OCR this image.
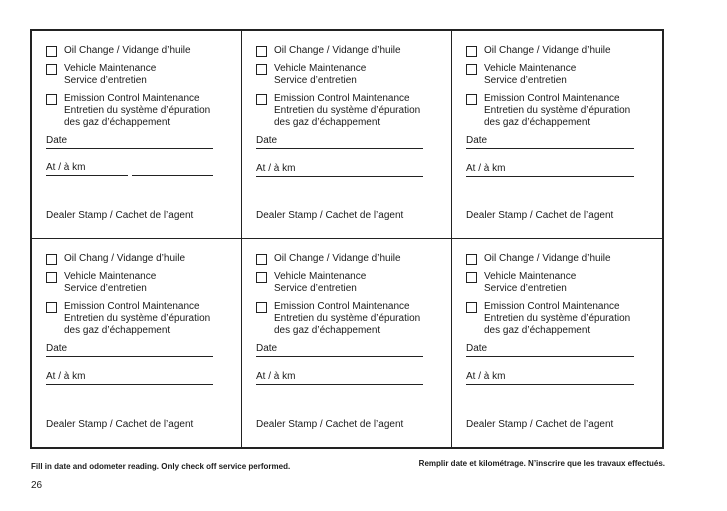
Oil Change / Vidange d’huile
Vehicle Maintenance
Service d’entretien
Emission Control Maintenance
Entretien du système d’épuration
des gaz d’échappement
Date
At / à km
Dealer Stamp / Cachet de l’agent
Oil Change / Vidange d’huile
Vehicle Maintenance
Service d’entretien
Emission Control Maintenance
Entretien du système d’épuration
des gaz d’échappement
Date
At / à km
Dealer Stamp / Cachet de l’agent
Oil Change / Vidange d’huile
Vehicle Maintenance
Service d’entretien
Emission Control Maintenance
Entretien du système d’épuration
des gaz d’échappement
Date
At / à km
Dealer Stamp / Cachet de l’agent
Oil Chang / Vidange d’huile
Vehicle Maintenance
Service d’entretien
Emission Control Maintenance
Entretien du système d’épuration
des gaz d’échappement
Date
At / à km
Dealer Stamp / Cachet de l’agent
Oil Change / Vidange d’huile
Vehicle Maintenance
Service d’entretien
Emission Control Maintenance
Entretien du système d’épuration
des gaz d’échappement
Date
At / à km
Dealer Stamp / Cachet de l’agent
Oil Change / Vidange d’huile
Vehicle Maintenance
Service d’entretien
Emission Control Maintenance
Entretien du système d’épuration
des gaz d’échappement
Date
At / à km
Dealer Stamp / Cachet de l’agent
Fill in date and odometer reading. Only check off service performed.	Remplir date et kilométrage. N’inscrire que les travaux effectués.
26
